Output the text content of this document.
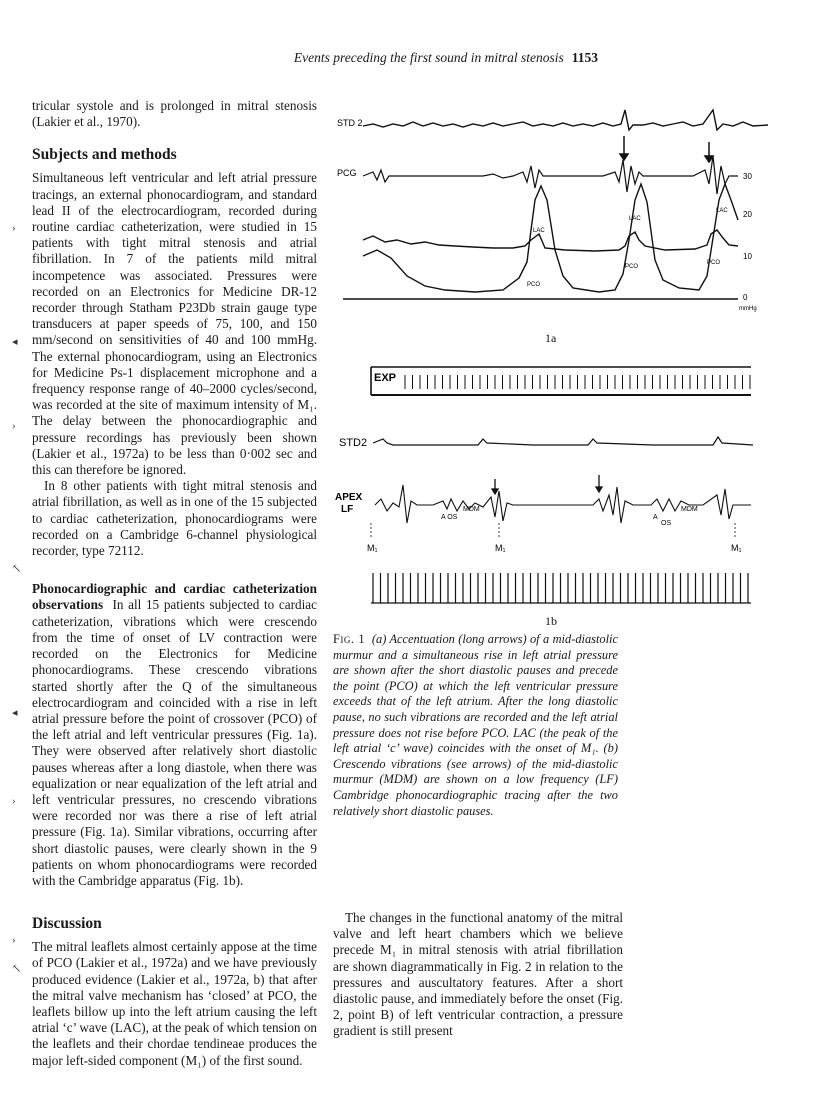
Events preceding the first sound in mitral stenosis 1153

tricular systole and is prolonged in mitral stenosis (Lakier et al., 1970).

Subjects and methods

Simultaneous left ventricular and left atrial pressure tracings, an external phonocardiogram, and standard lead II of the electrocardiogram, recorded during routine cardiac catheterization, were studied in 15 patients with tight mitral stenosis and atrial fibrillation. In 7 of the patients mild mitral incompetence was associated. Pressures were recorded on an Electronics for Medicine DR-12 recorder through Statham P23Db strain gauge type transducers at paper speeds of 75, 100, and 150 mm/second on sensitivities of 40 and 100 mmHg. The external phonocardiogram, using an Electronics for Medicine Ps-1 displacement microphone and a frequency response range of 40–2000 cycles/second, was recorded at the site of maximum intensity of M₁. The delay between the phonocardiographic and pressure recordings has previously been shown (Lakier et al., 1972a) to be less than 0·002 sec and this can therefore be ignored.

In 8 other patients with tight mitral stenosis and atrial fibrillation, as well as in one of the 15 subjected to cardiac catheterization, phonocardiograms were recorded on a Cambridge 6-channel physiological recorder, type 72112.

Phonocardiographic and cardiac catheterization observations In all 15 patients subjected to cardiac catheterization, vibrations which were crescendo from the time of onset of LV contraction were recorded on the Electronics for Medicine phonocardiograms. These crescendo vibrations started shortly after the Q of the simultaneous electrocardiogram and coincided with a rise in left atrial pressure before the point of crossover (PCO) of the left atrial and left ventricular pressures (Fig. 1a). They were observed after relatively short diastolic pauses whereas after a long diastole, when there was equalization or near equalization of the left atrial and left ventricular pressures, no crescendo vibrations were recorded nor was there a rise of left atrial pressure (Fig. 1a). Similar vibrations, occurring after short diastolic pauses, were clearly shown in the 9 patients on whom phonocardiograms were recorded with the Cambridge apparatus (Fig. 1b).

Discussion

The mitral leaflets almost certainly appose at the time of PCO (Lakier et al., 1972a) and we have previously produced evidence (Lakier et al., 1972a, b) that after the mitral valve mechanism has ‘closed’ at PCO, the leaflets billow up into the left atrium causing the left atrial ‘c’ wave (LAC), at the peak of which tension on the leaflets and their chordae tendineae produces the major left-sided component (M₁) of the first sound.

›
◂
›
↖
◂
›
›
↖
STD 2
PCG	30
20
10
0
mmHg
LAC
LAC
LAC
PCO
PCO
PCO
EXP
STD2
APEX
LF
A OS
MDM
A
OS
MDM
M₁	M₁	M₁
1a
1b
Fig. 1 (a) Accentuation (long arrows) of a mid-diastolic murmur and a simultaneous rise in left atrial pressure are shown after the short diastolic pauses and precede the point (PCO) at which the left ventricular pressure exceeds that of the left atrium. After the long diastolic pause, no such vibrations are recorded and the left atrial pressure does not rise before PCO. LAC (the peak of the left atrial ‘c’ wave) coincides with the onset of M₁. (b) Crescendo vibrations (see arrows) of the mid-diastolic murmur (MDM) are shown on a low frequency (LF) Cambridge phonocardiographic tracing after the two relatively short diastolic pauses.

The changes in the functional anatomy of the mitral valve and left heart chambers which we believe precede M₁ in mitral stenosis with atrial fibrillation are shown diagrammatically in Fig. 2 in relation to the pressures and auscultatory features. After a short diastolic pause, and immediately before the onset (Fig. 2, point B) of left ventricular contraction, a pressure gradient is still present
